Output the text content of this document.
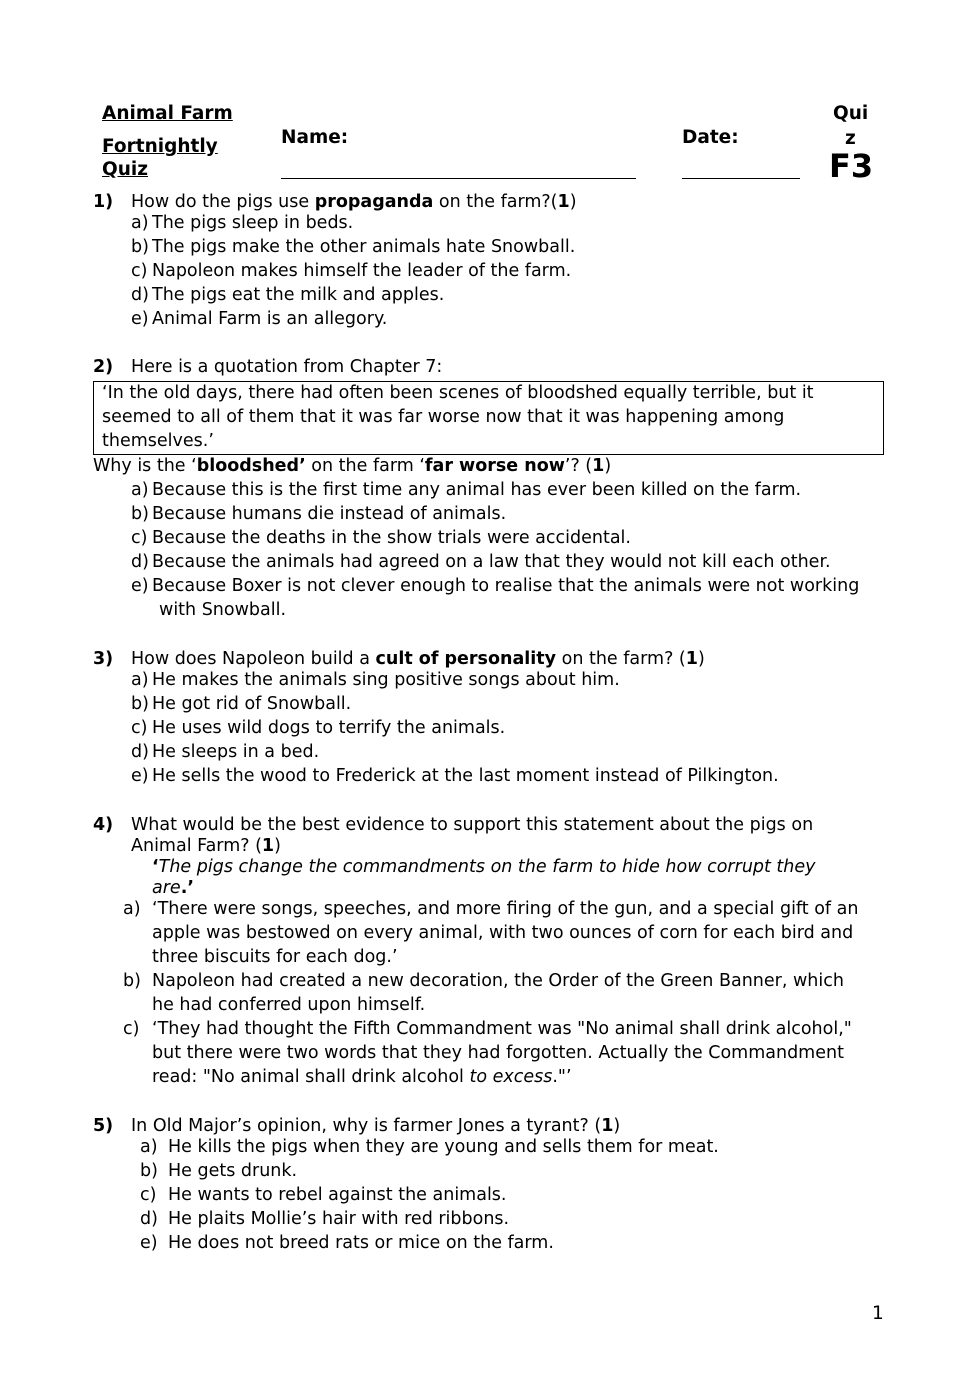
Animal Farm
Fortnightly
Quiz
Name:	Date:
Qui
z
F3
1) How do the pigs use propaganda on the farm?(1)
a) The pigs sleep in beds.
b) The pigs make the other animals hate Snowball.
c) Napoleon makes himself the leader of the farm.
d) The pigs eat the milk and apples.
e) Animal Farm is an allegory.
2) Here is a quotation from Chapter 7:
‘In the old days, there had often been scenes of bloodshed equally terrible, but it
seemed to all of them that it was far worse now that it was happening among
themselves.’
Why is the ‘bloodshed’ on the farm ‘far worse now’? (1)
a) Because this is the first time any animal has ever been killed on the farm.
b) Because humans die instead of animals.
c) Because the deaths in the show trials were accidental.
d) Because the animals had agreed on a law that they would not kill each other.
e) Because Boxer is not clever enough to realise that the animals were not working
with Snowball.
3) How does Napoleon build a cult of personality on the farm? (1)
a) He makes the animals sing positive songs about him.
b) He got rid of Snowball.
c) He uses wild dogs to terrify the animals.
d) He sleeps in a bed.
e) He sells the wood to Frederick at the last moment instead of Pilkington.
4) What would be the best evidence to support this statement about the pigs on
Animal Farm? (1)
‘The pigs change the commandments on the farm to hide how corrupt they
are.’
a) ‘There were songs, speeches, and more firing of the gun, and a special gift of an
apple was bestowed on every animal, with two ounces of corn for each bird and
three biscuits for each dog.’
b) Napoleon had created a new decoration, the Order of the Green Banner, which
he had conferred upon himself.
c) ‘They had thought the Fifth Commandment was "No animal shall drink alcohol,"
but there were two words that they had forgotten. Actually the Commandment
read: "No animal shall drink alcohol to excess."’
5) In Old Major’s opinion, why is farmer Jones a tyrant? (1)
a) He kills the pigs when they are young and sells them for meat.
b) He gets drunk.
c) He wants to rebel against the animals.
d) He plaits Mollie’s hair with red ribbons.
e) He does not breed rats or mice on the farm.
1
